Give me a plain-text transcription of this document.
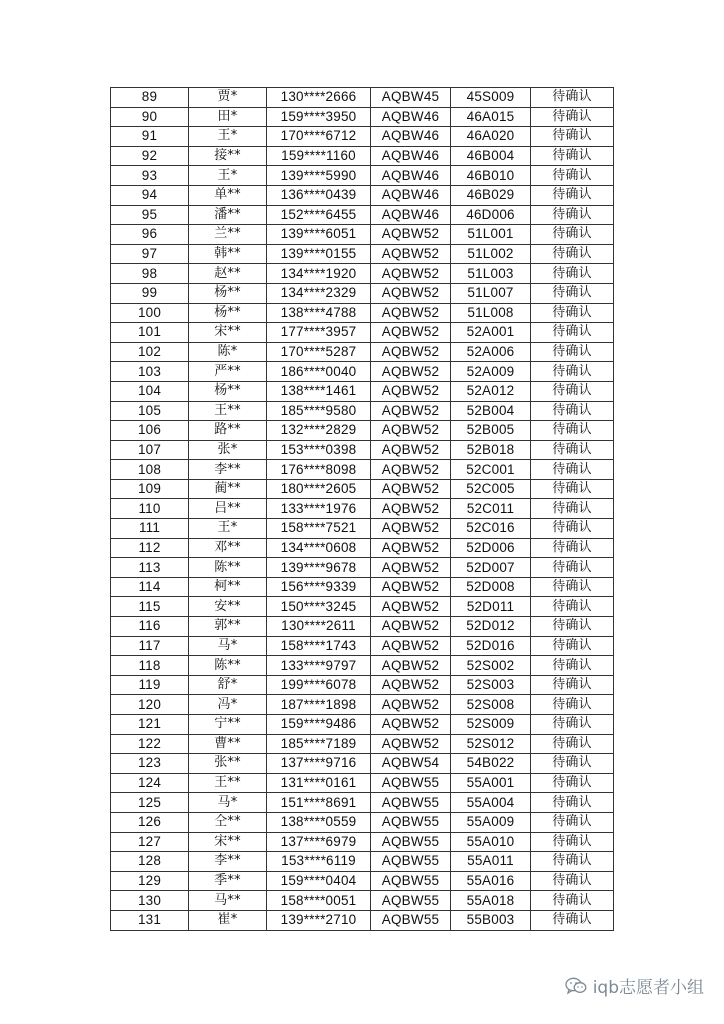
89	贾*	130****2666	AQBW45	45S009	待确认
90	田*	159****3950	AQBW46	46A015	待确认
91	王*	170****6712	AQBW46	46A020	待确认
92	接**	159****1160	AQBW46	46B004	待确认
93	王*	139****5990	AQBW46	46B010	待确认
94	单**	136****0439	AQBW46	46B029	待确认
95	潘**	152****6455	AQBW46	46D006	待确认
96	兰**	139****6051	AQBW52	51L001	待确认
97	韩**	139****0155	AQBW52	51L002	待确认
98	赵**	134****1920	AQBW52	51L003	待确认
99	杨**	134****2329	AQBW52	51L007	待确认
100	杨**	138****4788	AQBW52	51L008	待确认
101	宋**	177****3957	AQBW52	52A001	待确认
102	陈*	170****5287	AQBW52	52A006	待确认
103	严**	186****0040	AQBW52	52A009	待确认
104	杨**	138****1461	AQBW52	52A012	待确认
105	王**	185****9580	AQBW52	52B004	待确认
106	路**	132****2829	AQBW52	52B005	待确认
107	张*	153****0398	AQBW52	52B018	待确认
108	李**	176****8098	AQBW52	52C001	待确认
109	蔺**	180****2605	AQBW52	52C005	待确认
110	吕**	133****1976	AQBW52	52C011	待确认
111	王*	158****7521	AQBW52	52C016	待确认
112	邓**	134****0608	AQBW52	52D006	待确认
113	陈**	139****9678	AQBW52	52D007	待确认
114	柯**	156****9339	AQBW52	52D008	待确认
115	安**	150****3245	AQBW52	52D011	待确认
116	郭**	130****2611	AQBW52	52D012	待确认
117	马*	158****1743	AQBW52	52D016	待确认
118	陈**	133****9797	AQBW52	52S002	待确认
119	舒*	199****6078	AQBW52	52S003	待确认
120	冯*	187****1898	AQBW52	52S008	待确认
121	宁**	159****9486	AQBW52	52S009	待确认
122	曹**	185****7189	AQBW52	52S012	待确认
123	张**	137****9716	AQBW54	54B022	待确认
124	王**	131****0161	AQBW55	55A001	待确认
125	马*	151****8691	AQBW55	55A004	待确认
126	仝**	138****0559	AQBW55	55A009	待确认
127	宋**	137****6979	AQBW55	55A010	待确认
128	李**	153****6119	AQBW55	55A011	待确认
129	季**	159****0404	AQBW55	55A016	待确认
130	马**	158****0051	AQBW55	55A018	待确认
131	崔*	139****2710	AQBW55	55B003	待确认
iqb志愿者小组
